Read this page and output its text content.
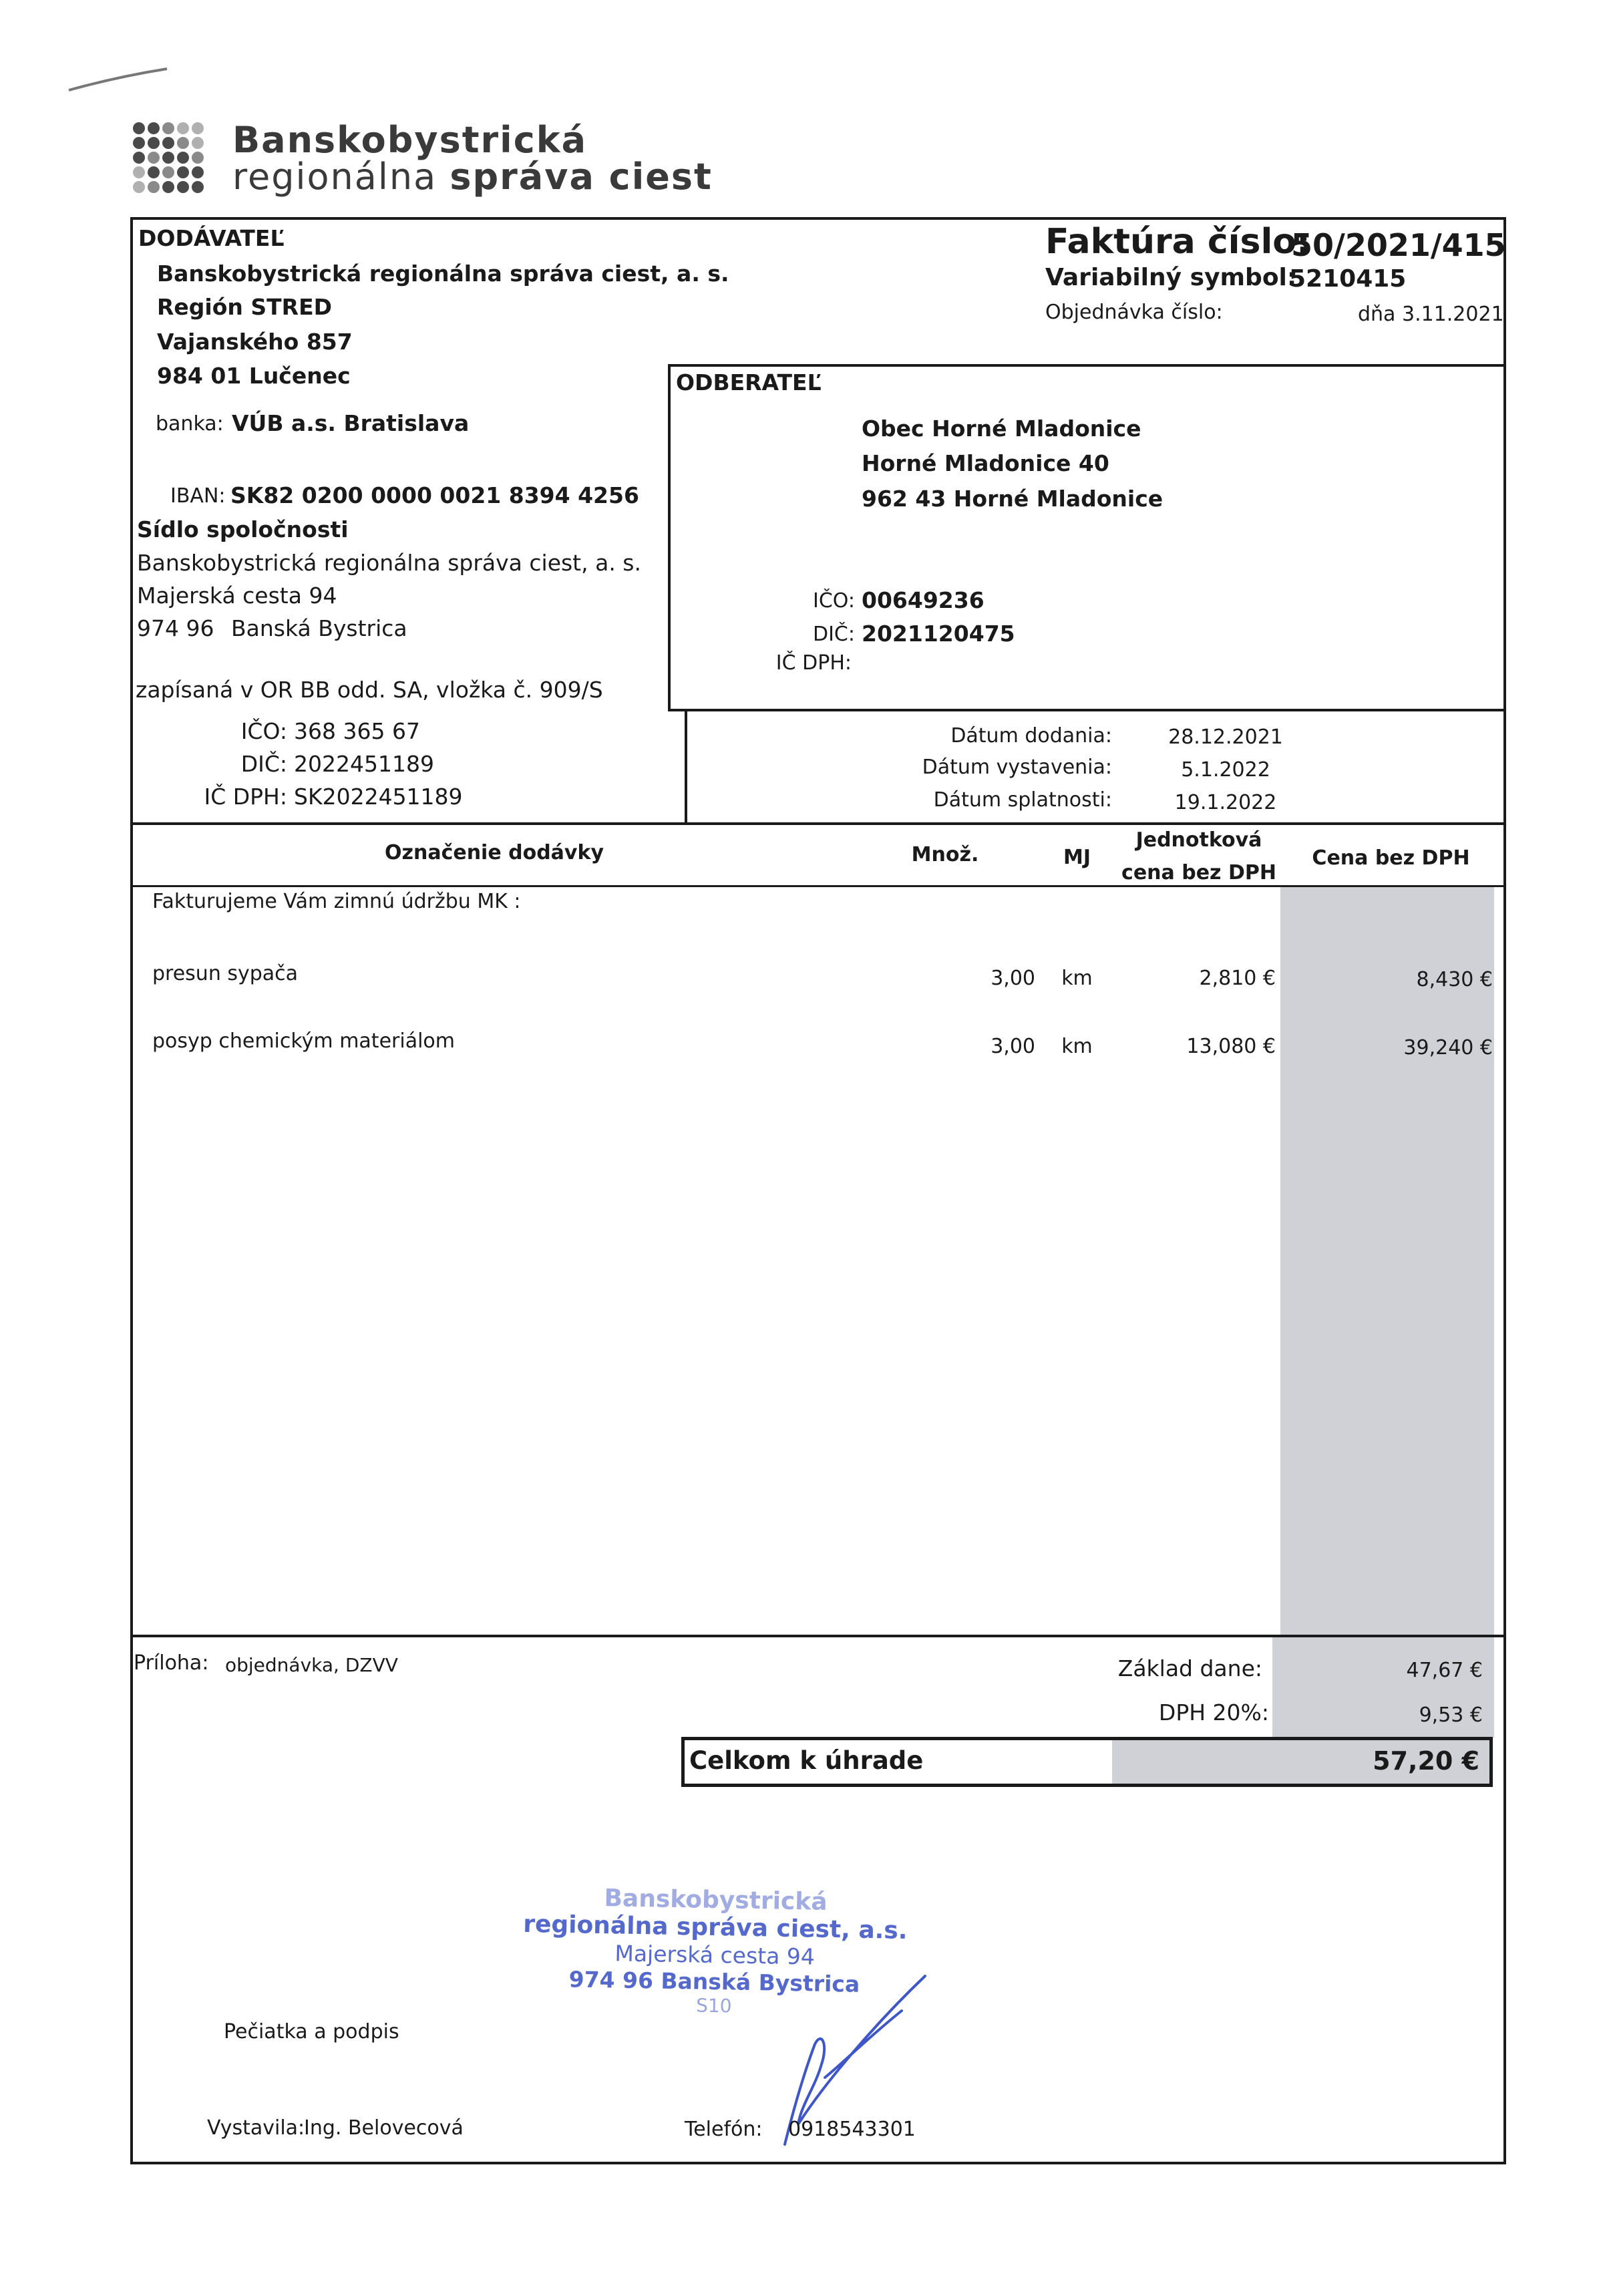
Banskobystrická
regionálna správa ciest
DODÁVATEĽ
Banskobystrická regionálna správa ciest, a. s.
Región STRED
Vajanského 857
984 01 Lučenec
banka: VÚB a.s. Bratislava
IBAN: SK82 0200 0000 0021 8394 4256
Sídlo spoločnosti
Banskobystrická regionálna správa ciest, a. s.
Majerská cesta 94
974 96 Banská Bystrica
zapísaná v OR BB odd. SA, vložka č. 909/S
IČO: 368 365 67
DIČ: 2022451189
IČ DPH: SK2022451189
Faktúra číslo:
50/2021/415
Variabilný symbol:
5210415
Objednávka číslo:	dňa 3.11.2021
ODBERATEĽ
Obec Horné Mladonice
Horné Mladonice 40
962 43 Horné Mladonice
IČO: 00649236
DIČ: 2021120475
IČ DPH:
Dátum dodania:	28.12.2021
Dátum vystavenia:	5.1.2022
Dátum splatnosti:	19.1.2022
Označenie dodávky	Množ.	MJ
Jednotková
cena bez DPH
Cena bez DPH
Fakturujeme Vám zimnú údržbu MK :
presun sypača	3,00	km	2,810 €	8,430 €
posyp chemickým materiálom	3,00	km	13,080 €	39,240 €
Príloha: objednávka, DZVV	Základ dane:	47,67 €
DPH 20%:	9,53 €
Celkom k úhrade	57,20 €
Banskobystrická
regionálna správa ciest, a.s.
Majerská cesta 94
974 96 Banská Bystrica
S10
Pečiatka a podpis
Vystavila:
Ing. Belovecová	Telefón: 0918543301
